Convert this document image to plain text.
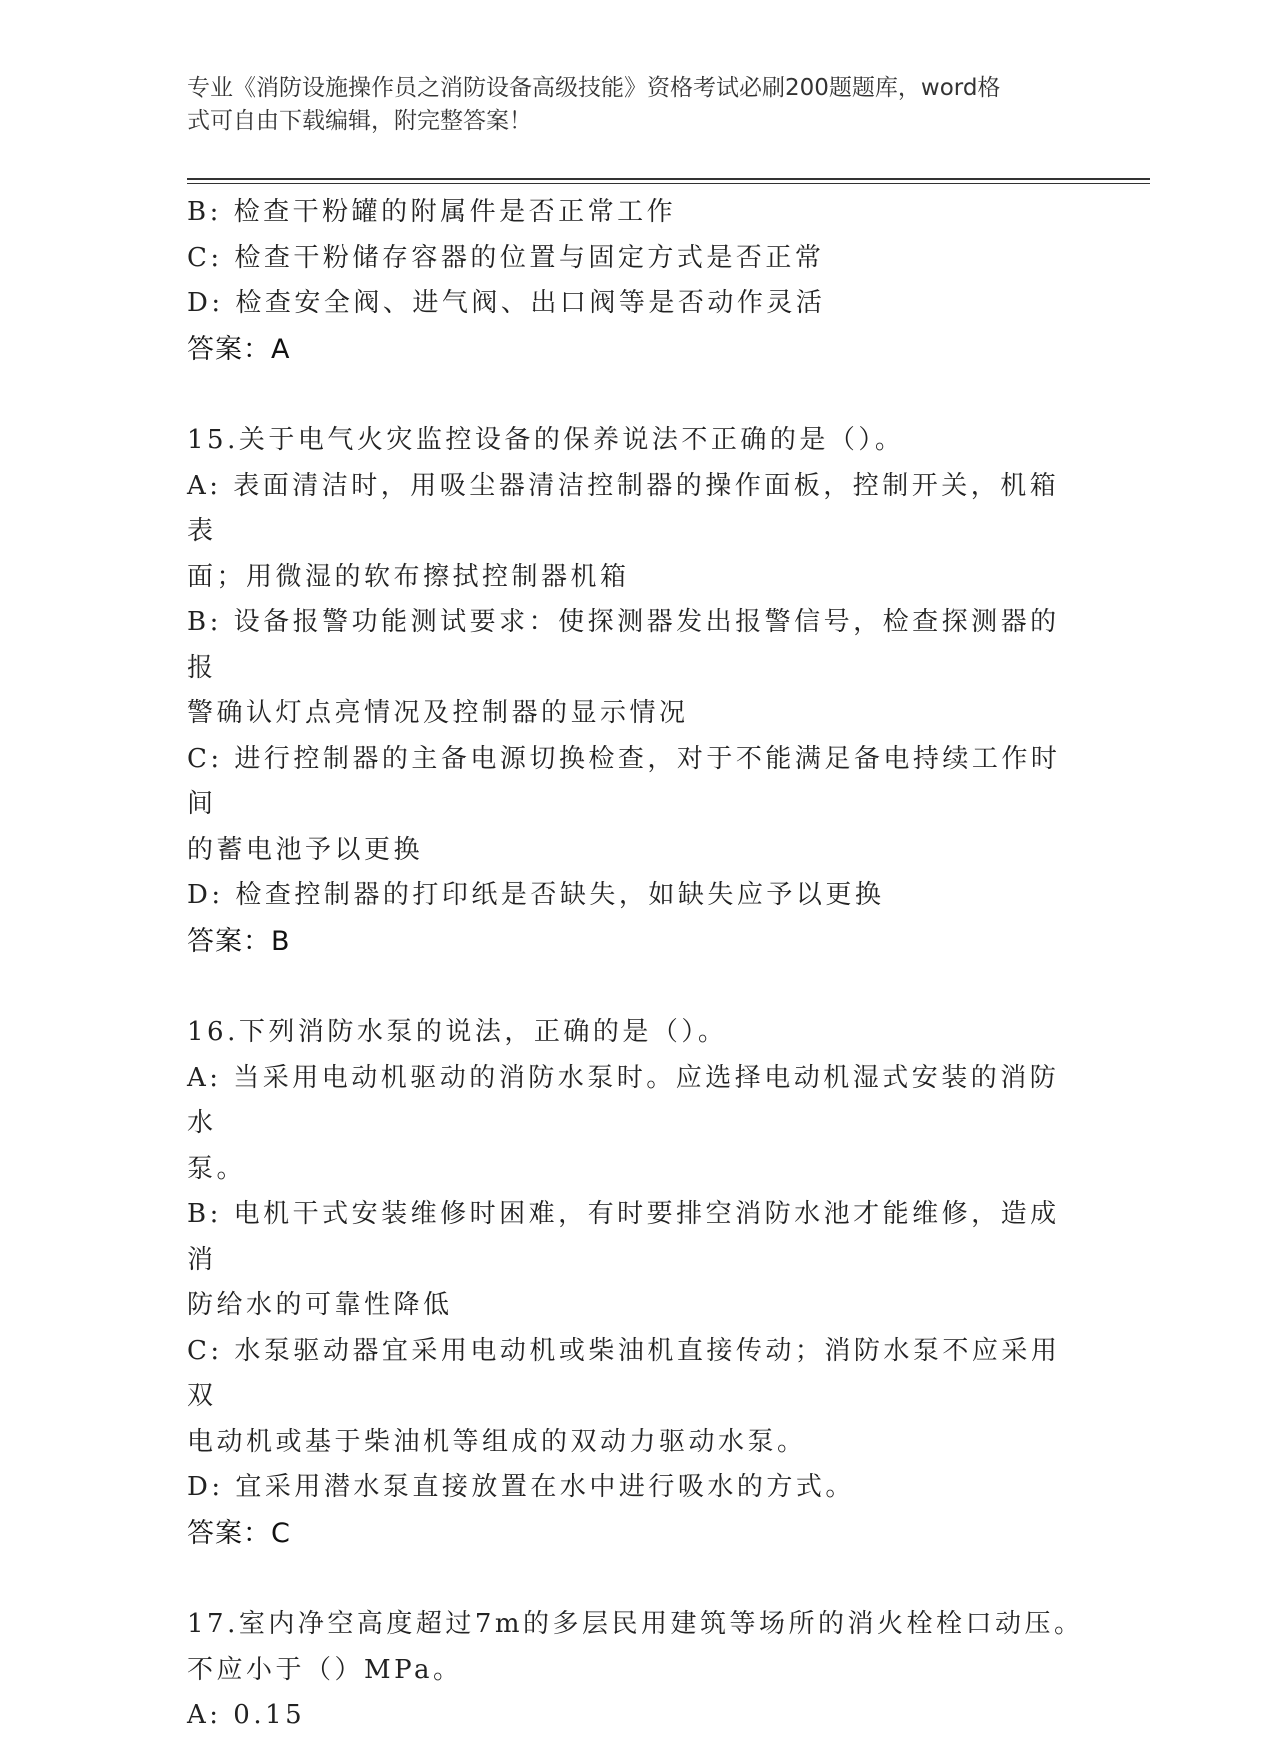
专业《消防设施操作员之消防设备高级技能》资格考试必刷200题题库，word格
式可自由下载编辑，附完整答案！

B: 检查干粉罐的附属件是否正常工作

C: 检查干粉储存容器的位置与固定方式是否正常

D: 检查安全阀、进气阀、出口阀等是否动作灵活

答案：A

15.关于电气火灾监控设备的保养说法不正确的是（）。

A: 表面清洁时，用吸尘器清洁控制器的操作面板，控制开关，机箱表

面；用微湿的软布擦拭控制器机箱

B: 设备报警功能测试要求：使探测器发出报警信号，检查探测器的报

警确认灯点亮情况及控制器的显示情况

C: 进行控制器的主备电源切换检查，对于不能满足备电持续工作时间

的蓄电池予以更换

D: 检查控制器的打印纸是否缺失，如缺失应予以更换

答案：B

16.下列消防水泵的说法，正确的是（）。

A: 当采用电动机驱动的消防水泵时。应选择电动机湿式安装的消防水

泵。

B: 电机干式安装维修时困难，有时要排空消防水池才能维修，造成消

防给水的可靠性降低

C: 水泵驱动器宜采用电动机或柴油机直接传动；消防水泵不应采用双

电动机或基于柴油机等组成的双动力驱动水泵。

D: 宜采用潜水泵直接放置在水中进行吸水的方式。

答案：C

17.室内净空高度超过7m的多层民用建筑等场所的消火栓栓口动压。

不应小于（）MPa。

A: 0.15
